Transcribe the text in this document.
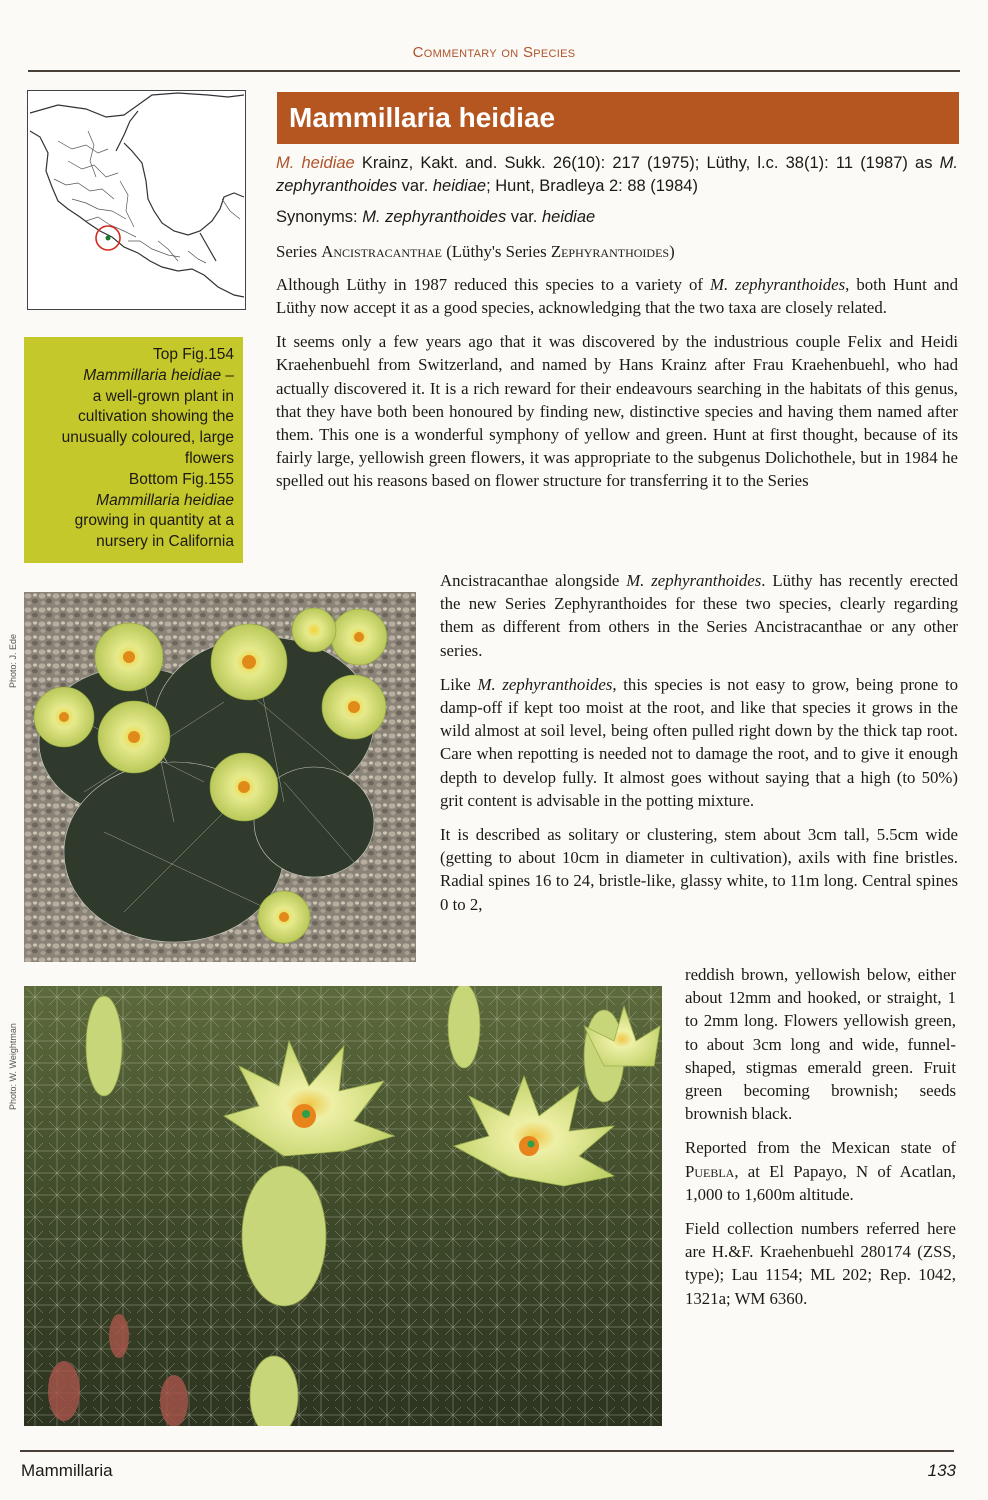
Commentary on Species
Top Fig.154
Mammillaria heidiae –
a well-grown plant in cultivation showing the unusually coloured, large flowers
Bottom Fig.155
Mammillaria heidiae
growing in quantity at a nursery in California
Mammillaria heidiae

M. heidiae Krainz, Kakt. and. Sukk. 26(10): 217 (1975); Lüthy, l.c. 38(1): 11 (1987) as M. zephyranthoides var. heidiae; Hunt, Bradleya 2: 88 (1984)

Synonyms: M. zephyranthoides var. heidiae

Series Ancistracanthae (Lüthy's Series Zephyranthoides)

Although Lüthy in 1987 reduced this species to a variety of M. zephyranthoides, both Hunt and Lüthy now accept it as a good species, acknowledging that the two taxa are closely related.

It seems only a few years ago that it was discovered by the industrious couple Felix and Heidi Kraehenbuehl from Switzerland, and named by Hans Krainz after Frau Kraehenbuehl, who had actually discovered it. It is a rich reward for their endeavours searching in the habitats of this genus, that they have both been honoured by finding new, distinctive species and having them named after them. This one is a wonderful symphony of yellow and green. Hunt at first thought, because of its fairly large, yellowish green flowers, it was appropriate to the subgenus Dolichothele, but in 1984 he spelled out his reasons based on flower structure for transferring it to the Series

Ancistracanthae alongside M. zephyranthoides. Lüthy has recently erected the new Series Zephyranthoides for these two species, clearly regarding them as different from others in the Series Ancistracanthae or any other series.

Like M. zephyranthoides, this species is not easy to grow, being prone to damp-off if kept too moist at the root, and like that species it grows in the wild almost at soil level, being often pulled right down by the thick tap root. Care when repotting is needed not to damage the root, and to give it enough depth to develop fully. It almost goes without saying that a high (to 50%) grit content is advisable in the potting mixture.

It is described as solitary or clustering, stem about 3cm tall, 5.5cm wide (getting to about 10cm in diameter in cultivation), axils with fine bristles. Radial spines 16 to 24, bristle-like, glassy white, to 11m long. Central spines 0 to 2,

reddish brown, yellowish below, either about 12mm and hooked, or straight, 1 to 2mm long. Flowers yellowish green, to about 3cm long and wide, funnel-shaped, stigmas emerald green. Fruit green becoming brownish; seeds brownish black.

Reported from the Mexican state of Puebla, at El Papayo, N of Acatlan, 1,000 to 1,600m altitude.

Field collection numbers referred here are H.&F. Kraehenbuehl 280174 (ZSS, type); Lau 1154; ML 202; Rep. 1042, 1321a; WM 6360.

Photo: J. Ede
Photo: W. Weightman
Mammillaria	133
